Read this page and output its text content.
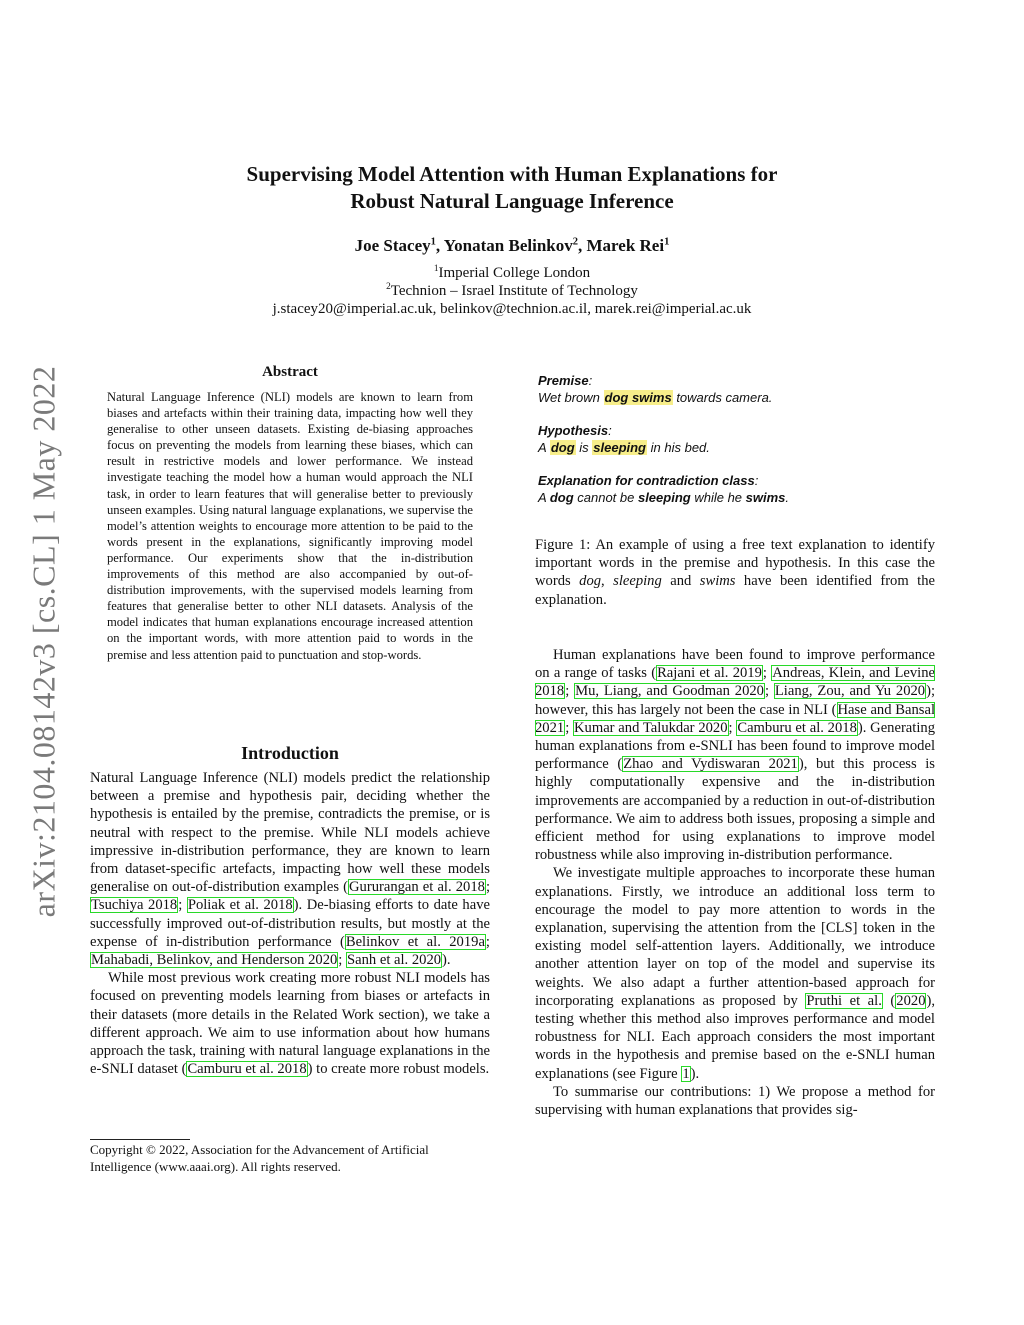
arXiv:2104.08142v3 [cs.CL] 1 May 2022
Supervising Model Attention with Human Explanations for
Robust Natural Language Inference
Joe Stacey$^1$, Yonatan Belinkov$^2$, Marek Rei$^1$
$^1$Imperial College London
$^2$Technion – Israel Institute of Technology
j.stacey20@imperial.ac.uk, belinkov@technion.ac.il, marek.rei@imperial.ac.uk
Abstract

Natural Language Inference (NLI) models are known to learn from biases and artefacts within their training data, impacting how well they generalise to other unseen datasets. Existing de-biasing approaches focus on preventing the models from learning these biases, which can result in restrictive models and lower performance. We instead investigate teaching the model how a human would approach the NLI task, in order to learn features that will generalise better to previously unseen examples. Using natural language explanations, we supervise the model’s attention weights to encourage more attention to be paid to the words present in the explanations, significantly improving model performance. Our experiments show that the in-distribution improvements of this method are also accompanied by out-of-distribution improvements, with the supervised models learning from features that generalise better to other NLI datasets. Analysis of the model indicates that human explanations encourage increased attention on the important words, with more attention paid to words in the premise and less attention paid to punctuation and stop-words.

Introduction

Natural Language Inference (NLI) models predict the relationship between a premise and hypothesis pair, deciding whether the hypothesis is entailed by the premise, contradicts the premise, or is neutral with respect to the premise. While NLI models achieve impressive in-distribution performance, they are known to learn from dataset-specific artefacts, impacting how well these models generalise on out-of-distribution examples (Gururangan et al. 2018; Tsuchiya 2018; Poliak et al. 2018). De-biasing efforts to date have successfully improved out-of-distribution results, but mostly at the expense of in-distribution performance (Belinkov et al. 2019a; Mahabadi, Belinkov, and Henderson 2020; Sanh et al. 2020).

While most previous work creating more robust NLI models has focused on preventing models learning from biases or artefacts in their datasets (more details in the Related Work section), we take a different approach. We aim to use information about how humans approach the task, training with natural language explanations in the e-SNLI dataset (Camburu et al. 2018) to create more robust models.

Copyright © 2022, Association for the Advancement of Artificial Intelligence (www.aaai.org). All rights reserved.

Premise:
Wet brown dog swims towards camera.
Hypothesis:
A dog is sleeping in his bed.
Explanation for contradiction class:
A dog cannot be sleeping while he swims.

Figure 1: An example of using a free text explanation to identify important words in the premise and hypothesis. In this case the words dog, sleeping and swims have been identified from the explanation.

Human explanations have been found to improve performance on a range of tasks (Rajani et al. 2019; Andreas, Klein, and Levine 2018; Mu, Liang, and Goodman 2020; Liang, Zou, and Yu 2020); however, this has largely not been the case in NLI (Hase and Bansal 2021; Kumar and Talukdar 2020; Camburu et al. 2018). Generating human explanations from e-SNLI has been found to improve model performance (Zhao and Vydiswaran 2021), but this process is highly computationally expensive and the in-distribution improvements are accompanied by a reduction in out-of-distribution performance. We aim to address both issues, proposing a simple and efficient method for using explanations to improve model robustness while also improving in-distribution performance.

We investigate multiple approaches to incorporate these human explanations. Firstly, we introduce an additional loss term to encourage the model to pay more attention to words in the explanation, supervising the attention from the [CLS] token in the existing model self-attention layers. Additionally, we introduce another attention layer on top of the model and supervise its weights. We also adapt a further attention-based approach for incorporating explanations as proposed by Pruthi et al. (2020), testing whether this method also improves performance and model robustness for NLI. Each approach considers the most important words in the hypothesis and premise based on the e-SNLI human explanations (see Figure 1).

To summarise our contributions: 1) We propose a method for supervising with human explanations that provides sig-
